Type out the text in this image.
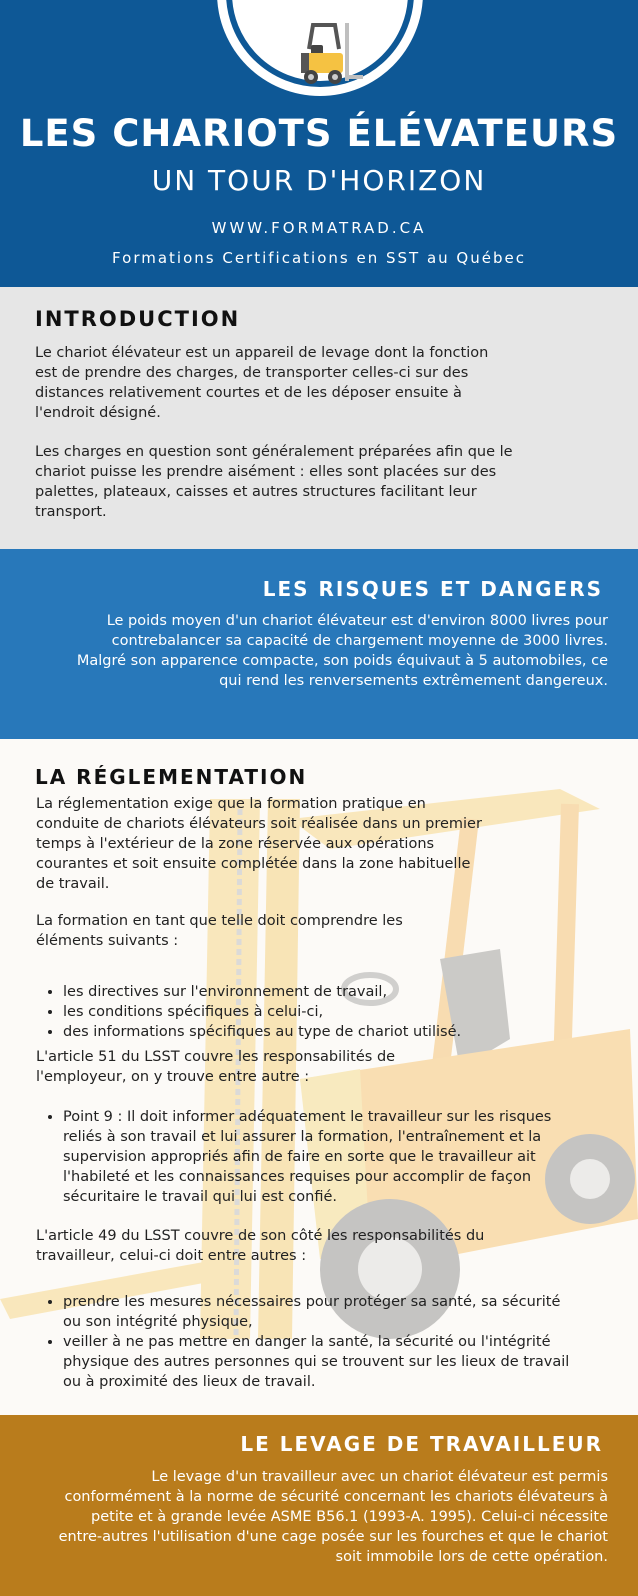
LES CHARIOTS ÉLÉVATEURS
UN TOUR D'HORIZON
WWW.FORMATRAD.CA
Formations Certifications en SST au Québec
INTRODUCTION

Le chariot élévateur est un appareil de levage dont la fonction est de prendre des charges, de transporter celles-ci sur des distances relativement courtes et de les déposer ensuite à l'endroit désigné.

Les charges en question sont généralement préparées afin que le chariot puisse les prendre aisément : elles sont placées sur des palettes, plateaux, caisses et autres structures facilitant leur transport.

LES RISQUES ET DANGERS

Le poids moyen d'un chariot élévateur est d'environ 8000 livres pour contrebalancer sa capacité de chargement moyenne de 3000 livres. Malgré son apparence compacte, son poids équivaut à 5 automobiles, ce qui rend les renversements extrêmement dangereux.

LA RÉGLEMENTATION

La réglementation exige que la formation pratique en conduite de chariots élévateurs soit réalisée dans un premier temps à l'extérieur de la zone réservée aux opérations courantes et soit ensuite complétée dans la zone habituelle de travail.

La formation en tant que telle doit comprendre les éléments suivants :

• les directives sur l'environnement de travail,
• les conditions spécifiques à celui-ci,
• des informations spécifiques au type de chariot utilisé.

L'article 51 du LSST couvre les responsabilités de l'employeur, on y trouve entre autre :

• Point 9 : Il doit informer adéquatement le travailleur sur les risques reliés à son travail et lui assurer la formation, l'entraînement et la supervision appropriés afin de faire en sorte que le travailleur ait l'habileté et les connaissances requises pour accomplir de façon sécuritaire le travail qui lui est confié.

L'article 49 du LSST couvre de son côté les responsabilités du travailleur, celui-ci doit entre autres :

• prendre les mesures nécessaires pour protéger sa santé, sa sécurité ou son intégrité physique,
• veiller à ne pas mettre en danger la santé, la sécurité ou l'intégrité physique des autres personnes qui se trouvent sur les lieux de travail ou à proximité des lieux de travail.
LE LEVAGE DE TRAVAILLEUR

Le levage d'un travailleur avec un chariot élévateur est permis conformément à la norme de sécurité concernant les chariots élévateurs à petite et à grande levée ASME B56.1 (1993-A. 1995). Celui-ci nécessite entre-autres l'utilisation d'une cage posée sur les fourches et que le chariot soit immobile lors de cette opération.
